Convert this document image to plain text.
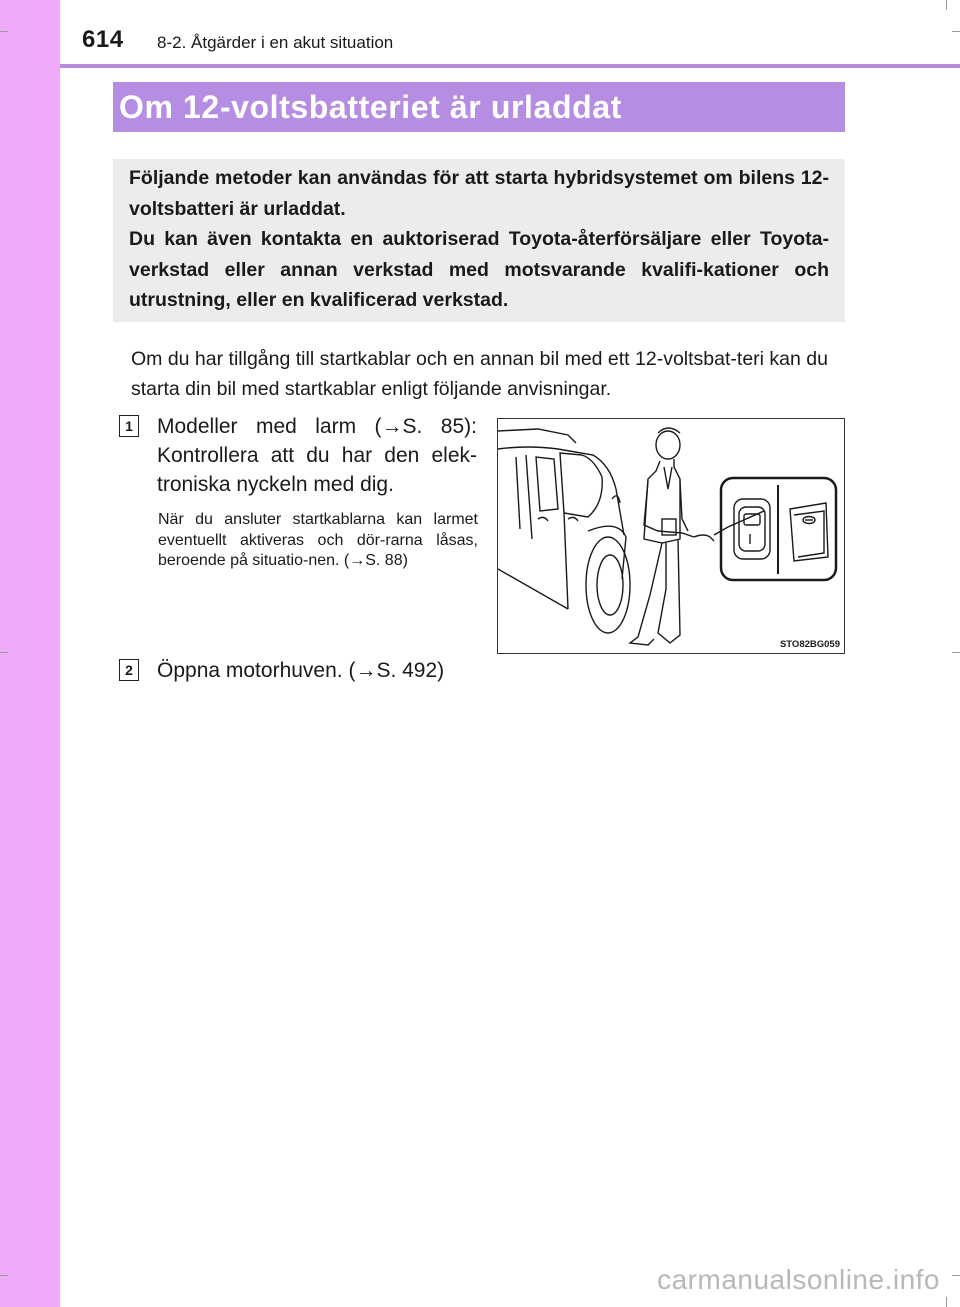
614 8-2. Åtgärder i en akut situation
Om 12-voltsbatteriet är urladdat

Följande metoder kan användas för att starta hybridsystemet om bilens 12-voltsbatteri är urladdat.

Du kan även kontakta en auktoriserad Toyota-återförsäljare eller Toyota-verkstad eller annan verkstad med motsvarande kvalifi-kationer och utrustning, eller en kvalificerad verkstad.

Om du har tillgång till startkablar och en annan bil med ett 12-voltsbat-teri kan du starta din bil med startkablar enligt följande anvisningar.
1 Modeller med larm (→S. 85): Kontrollera att du har den elek-troniska nyckeln med dig.
När du ansluter startkablarna kan larmet eventuellt aktiveras och dör-rarna låsas, beroende på situatio-nen. (→S. 88)
STO82BG059
2 Öppna motorhuven. (→S. 492)
carmanualsonline.info
